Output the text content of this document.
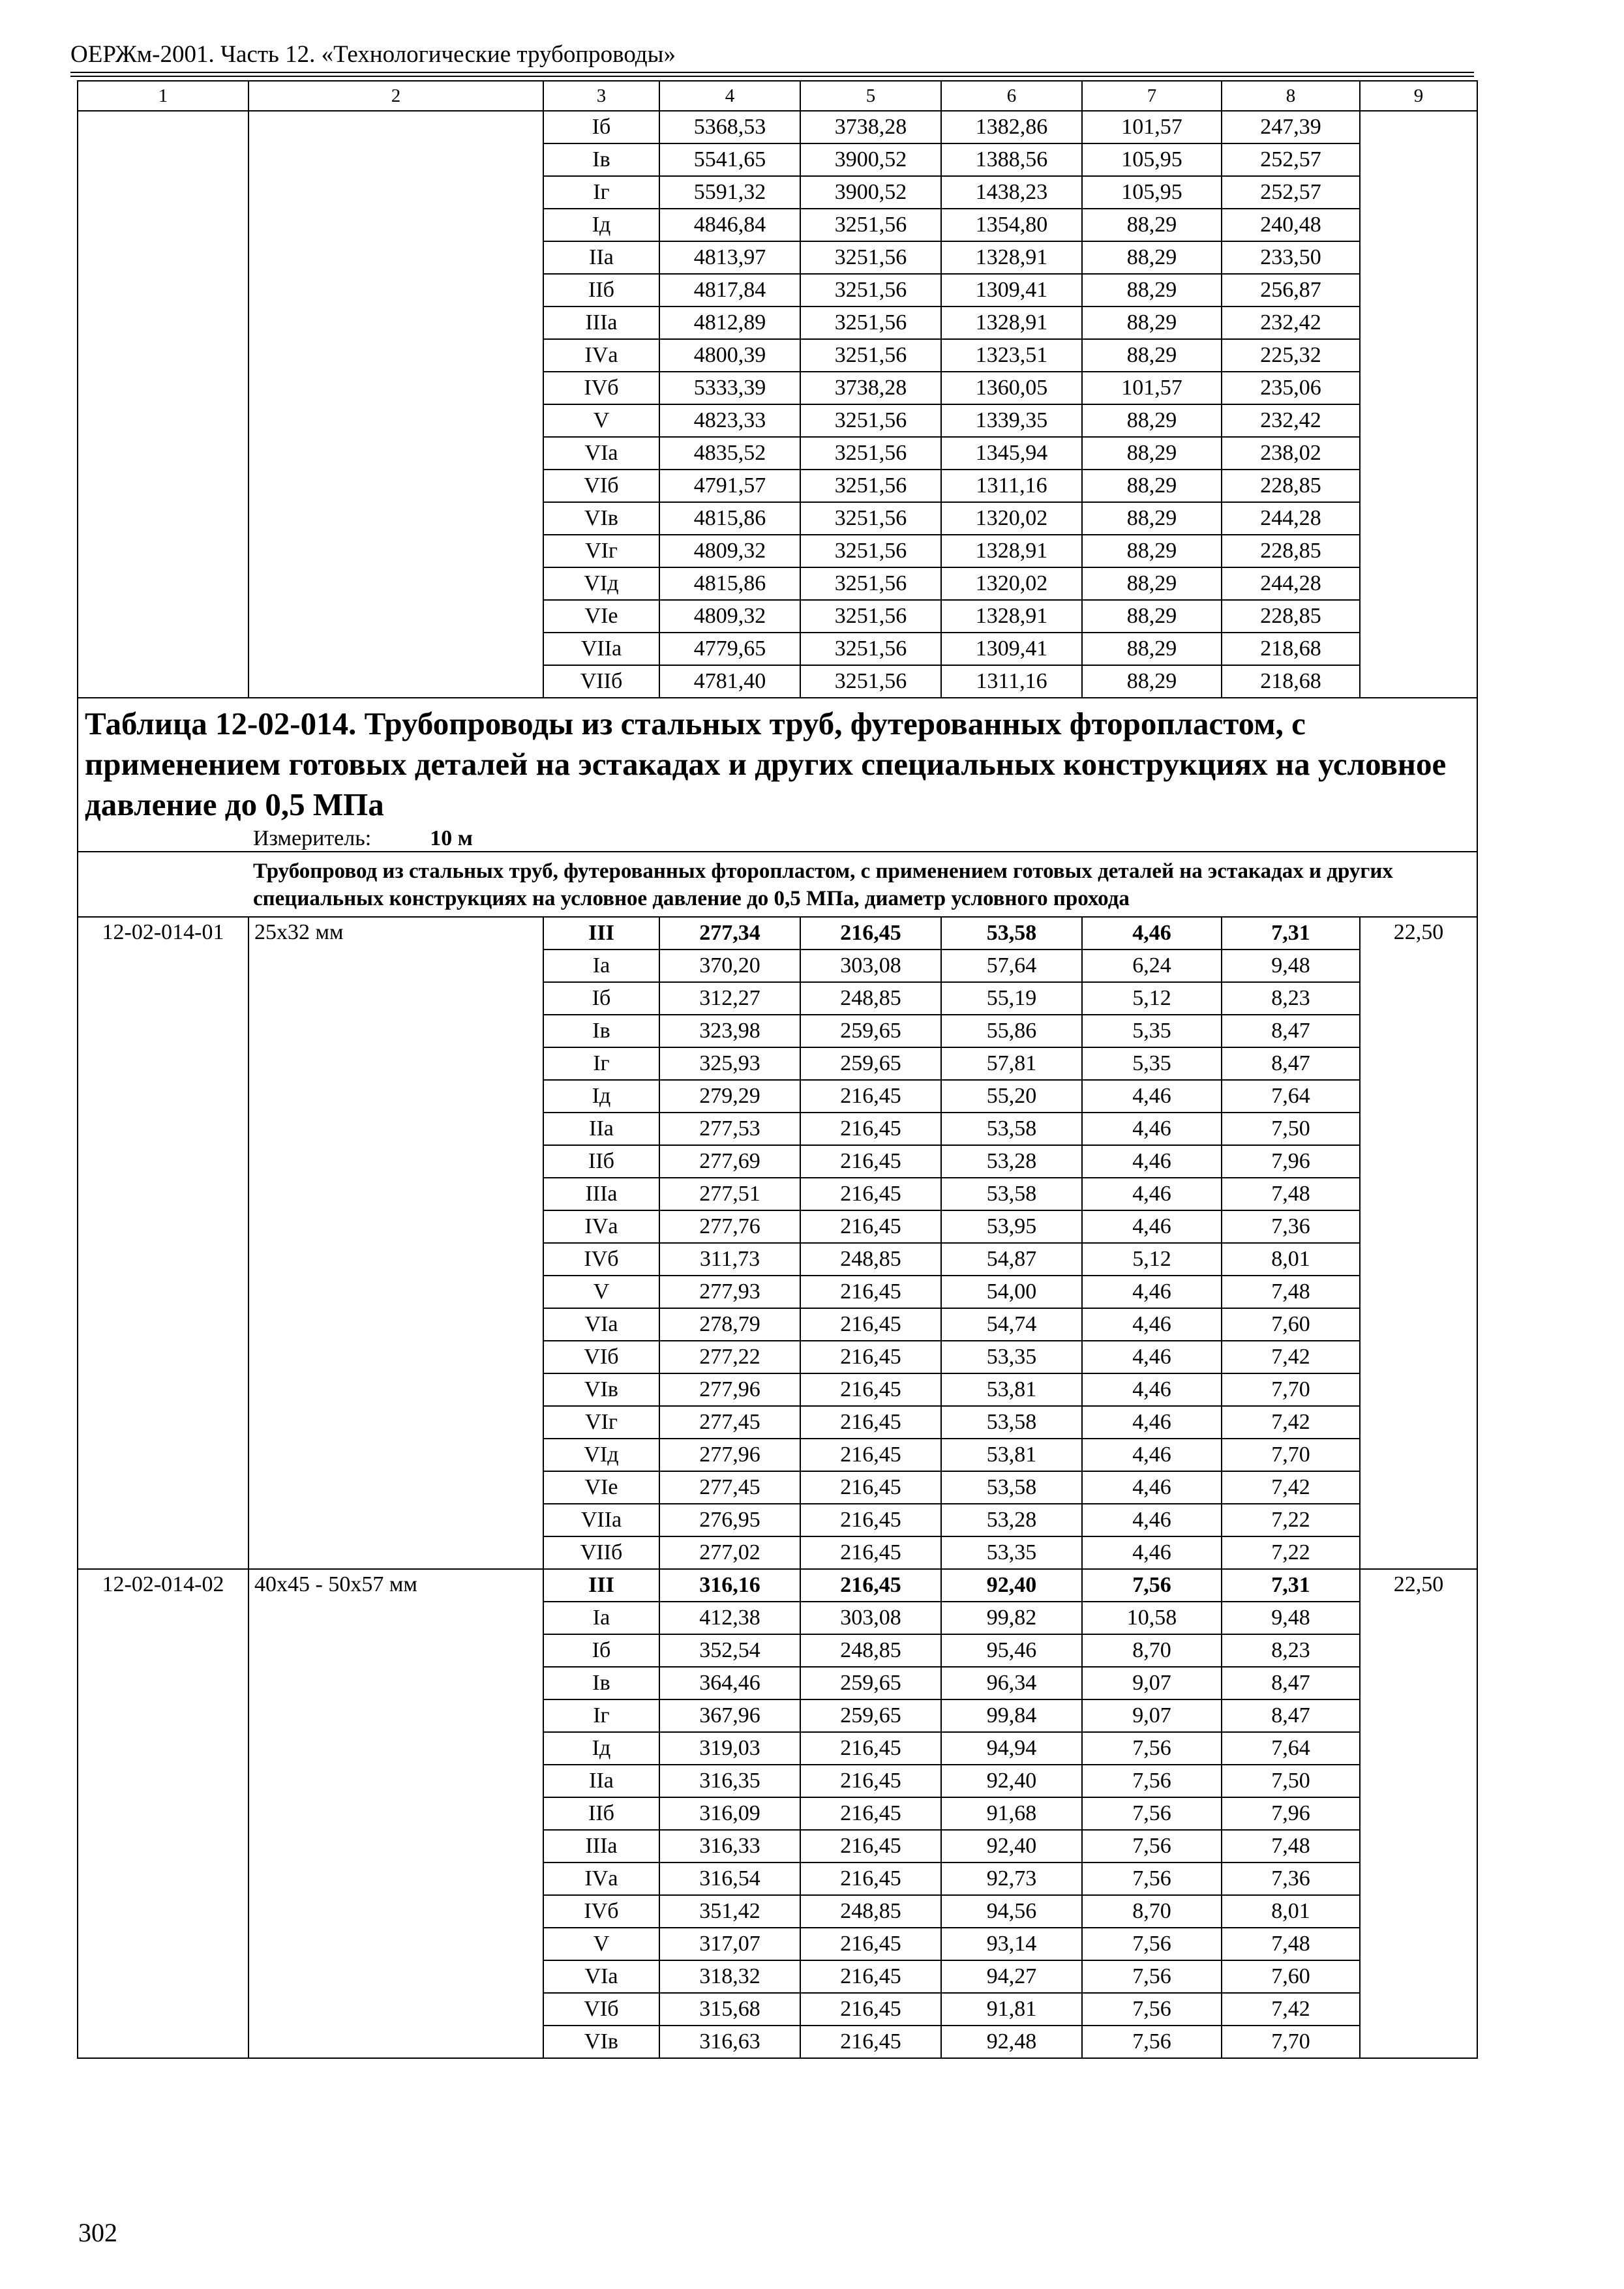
ОЕРЖм-2001. Часть 12. «Технологические трубопроводы»
1	2	3	4	5	6	7	8	9
		Iб	5368,53	3738,28	1382,86	101,57	247,39	
		Iв	5541,65	3900,52	1388,56	105,95	252,57	
		Iг	5591,32	3900,52	1438,23	105,95	252,57	
		Iд	4846,84	3251,56	1354,80	88,29	240,48	
		IIа	4813,97	3251,56	1328,91	88,29	233,50	
		IIб	4817,84	3251,56	1309,41	88,29	256,87	
		IIIа	4812,89	3251,56	1328,91	88,29	232,42	
		IVа	4800,39	3251,56	1323,51	88,29	225,32	
		IVб	5333,39	3738,28	1360,05	101,57	235,06	
		V	4823,33	3251,56	1339,35	88,29	232,42	
		VIа	4835,52	3251,56	1345,94	88,29	238,02	
		VIб	4791,57	3251,56	1311,16	88,29	228,85	
		VIв	4815,86	3251,56	1320,02	88,29	244,28	
		VIг	4809,32	3251,56	1328,91	88,29	228,85	
		VIд	4815,86	3251,56	1320,02	88,29	244,28	
		VIе	4809,32	3251,56	1328,91	88,29	228,85	
		VIIа	4779,65	3251,56	1309,41	88,29	218,68	
		VIIб	4781,40	3251,56	1311,16	88,29	218,68	
Таблица 12-02-014. Трубопроводы из стальных труб, футерованных фторопластом, с применением готовых деталей на эстакадах и других специальных конструкциях на условное давление до 0,5 МПа								
Измеритель: 10 м								
Трубопровод из стальных труб, футерованных фторопластом, с применением готовых деталей на эстакадах и других специальных конструкциях на условное давление до 0,5 МПа, диаметр условного прохода								
12-02-014-01	25х32 мм	III	277,34	216,45	53,58	4,46	7,31	22,50
		Iа	370,20	303,08	57,64	6,24	9,48	
		Iб	312,27	248,85	55,19	5,12	8,23	
		Iв	323,98	259,65	55,86	5,35	8,47	
		Iг	325,93	259,65	57,81	5,35	8,47	
		Iд	279,29	216,45	55,20	4,46	7,64	
		IIа	277,53	216,45	53,58	4,46	7,50	
		IIб	277,69	216,45	53,28	4,46	7,96	
		IIIа	277,51	216,45	53,58	4,46	7,48	
		IVа	277,76	216,45	53,95	4,46	7,36	
		IVб	311,73	248,85	54,87	5,12	8,01	
		V	277,93	216,45	54,00	4,46	7,48	
		VIа	278,79	216,45	54,74	4,46	7,60	
		VIб	277,22	216,45	53,35	4,46	7,42	
		VIв	277,96	216,45	53,81	4,46	7,70	
		VIг	277,45	216,45	53,58	4,46	7,42	
		VIд	277,96	216,45	53,81	4,46	7,70	
		VIе	277,45	216,45	53,58	4,46	7,42	
		VIIа	276,95	216,45	53,28	4,46	7,22	
		VIIб	277,02	216,45	53,35	4,46	7,22	
12-02-014-02	40х45 - 50х57 мм	III	316,16	216,45	92,40	7,56	7,31	22,50
		Iа	412,38	303,08	99,82	10,58	9,48	
		Iб	352,54	248,85	95,46	8,70	8,23	
		Iв	364,46	259,65	96,34	9,07	8,47	
		Iг	367,96	259,65	99,84	9,07	8,47	
		Iд	319,03	216,45	94,94	7,56	7,64	
		IIа	316,35	216,45	92,40	7,56	7,50	
		IIб	316,09	216,45	91,68	7,56	7,96	
		IIIа	316,33	216,45	92,40	7,56	7,48	
		IVа	316,54	216,45	92,73	7,56	7,36	
		IVб	351,42	248,85	94,56	8,70	8,01	
		V	317,07	216,45	93,14	7,56	7,48	
		VIа	318,32	216,45	94,27	7,56	7,60	
		VIб	315,68	216,45	91,81	7,56	7,42	
		VIв	316,63	216,45	92,48	7,56	7,70	
302
